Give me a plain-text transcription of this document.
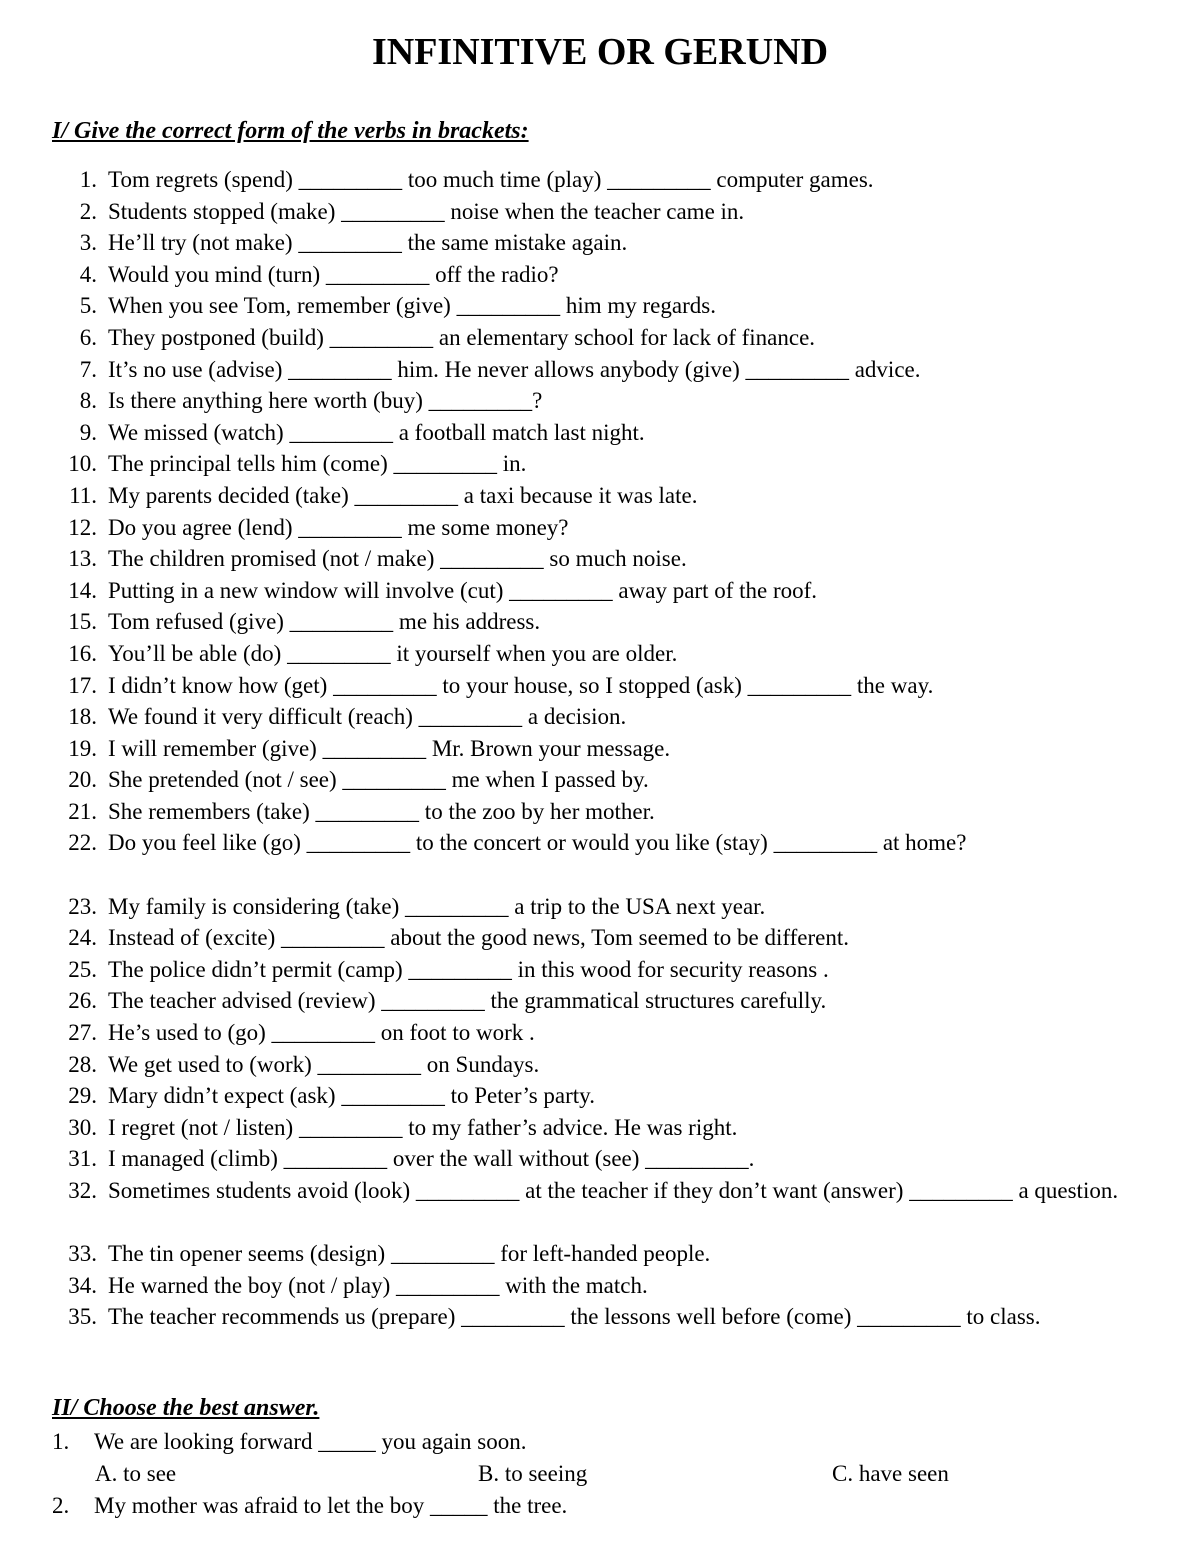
INFINITIVE OR GERUND
I/ Give the correct form of the verbs in brackets:
1. Tom regrets (spend) _________ too much time (play) _________ computer games.
2. Students stopped (make) _________ noise when the teacher came in.
3. He’ll try (not make) _________ the same mistake again.
4. Would you mind (turn) _________ off the radio?
5. When you see Tom, remember (give) _________ him my regards.
6. They postponed (build) _________ an elementary school for lack of finance.
7. It’s no use (advise) _________ him. He never allows anybody (give) _________ advice.
8. Is there anything here worth (buy) _________?
9. We missed (watch) _________ a football match last night.
10. The principal tells him (come) _________ in.
11. My parents decided (take) _________ a taxi because it was late.
12. Do you agree (lend) _________ me some money?
13. The children promised (not / make) _________ so much noise.
14. Putting in a new window will involve (cut) _________ away part of the roof.
15. Tom refused (give) _________ me his address.
16. You’ll be able (do) _________ it yourself when you are older.
17. I didn’t know how (get) _________ to your house, so I stopped (ask) _________ the way.
18. We found it very difficult (reach) _________ a decision.
19. I will remember (give) _________ Mr. Brown your message.
20. She pretended (not / see) _________ me when I passed by.
21. She remembers (take) _________ to the zoo by her mother.
22. Do you feel like (go) _________ to the concert or would you like (stay) _________ at home?
23. My family is considering (take) _________ a trip to the USA next year.
24. Instead of (excite) _________ about the good news, Tom seemed to be different.
25. The police didn’t permit (camp) _________ in this wood for security reasons .
26. The teacher advised (review) _________ the grammatical structures carefully.
27. He’s used to (go) _________ on foot to work .
28. We get used to (work) _________ on Sundays.
29. Mary didn’t expect (ask) _________ to Peter’s party.
30. I regret (not / listen) _________ to my father’s advice. He was right.
31. I managed (climb) _________ over the wall without (see) _________.
32. Sometimes students avoid (look) _________ at the teacher if they don’t want (answer) _________ a question.
33. The tin opener seems (design) _________ for left-handed people.
34. He warned the boy (not / play) _________ with the match.
35. The teacher recommends us (prepare) _________ the lessons well before (come) _________ to class.
II/ Choose the best answer.
1. We are looking forward _____ you again soon.
A. to see	B. to seeing	C. have seen
2. My mother was afraid to let the boy _____ the tree.
